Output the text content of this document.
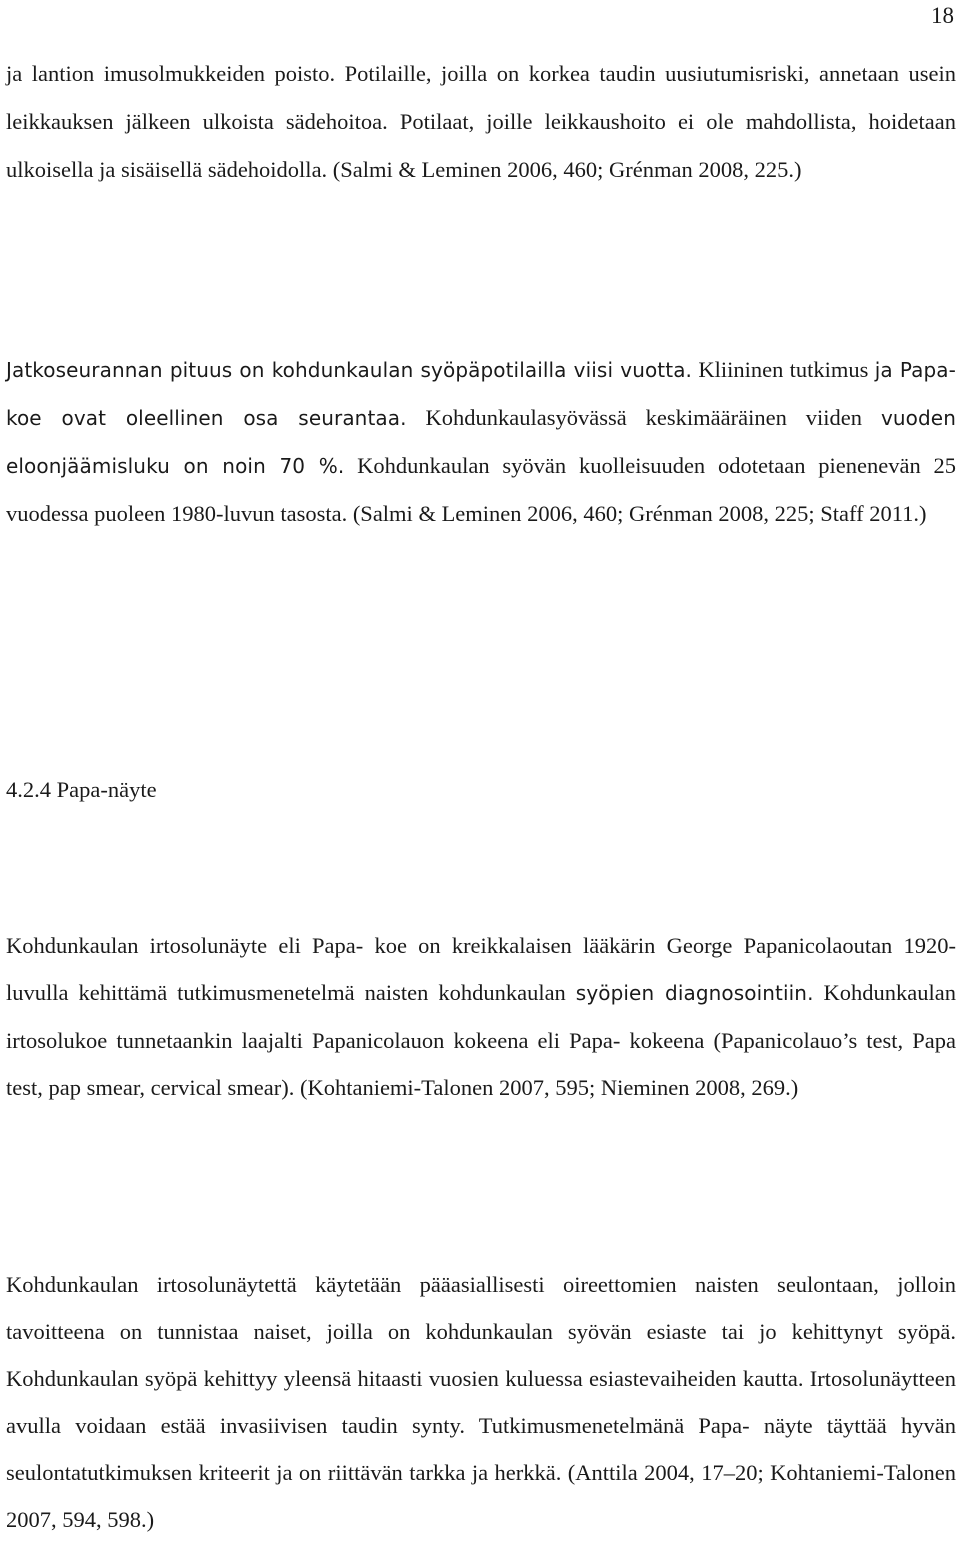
18

ja lantion imusolmukkeiden poisto. Potilaille, joilla on korkea taudin uusiutumisriski, annetaan usein leikkauksen jälkeen ulkoista sädehoitoa. Potilaat, joille leikkaushoito ei ole mahdollista, hoidetaan ulkoisella ja sisäisellä sädehoidolla. (Salmi & Leminen 2006, 460; Grénman 2008, 225.)

Jatkoseurannan pituus on kohdunkaulan syöpäpotilailla viisi vuotta. Kliininen tutkimus ja Papa-koe ovat oleellinen osa seurantaa. Kohdunkaulasyövässä keskimääräinen viiden vuoden eloonjäämisluku on noin 70 %. Kohdunkaulan syövän kuolleisuuden odotetaan pienenevän 25 vuodessa puoleen 1980-luvun tasosta. (Salmi & Leminen 2006, 460; Grénman 2008, 225; Staff 2011.)

4.2.4 Papa-näyte

Kohdunkaulan irtosolunäyte eli Papa- koe on kreikkalaisen lääkärin George Papanicolaoutan 1920-luvulla kehittämä tutkimusmenetelmä naisten kohdunkaulan syöpien diagnosointiin. Kohdunkaulan irtosolukoe tunnetaankin laajalti Papanicolauon kokeena eli Papa- kokeena (Papanicolauo’s test, Papa test, pap smear, cervical smear). (Kohtaniemi-Talonen 2007, 595; Nieminen 2008, 269.)

Kohdunkaulan irtosolunäytettä käytetään pääasiallisesti oireettomien naisten seulontaan, jolloin tavoitteena on tunnistaa naiset, joilla on kohdunkaulan syövän esiaste tai jo kehittynyt syöpä. Kohdunkaulan syöpä kehittyy yleensä hitaasti vuosien kuluessa esiastevaiheiden kautta. Irtosolunäytteen avulla voidaan estää invasiivisen taudin synty. Tutkimusmenetelmänä Papa- näyte täyttää hyvän seulontatutkimuksen kriteerit ja on riittävän tarkka ja herkkä. (Anttila 2004, 17–20; Kohtaniemi-Talonen 2007, 594, 598.)
